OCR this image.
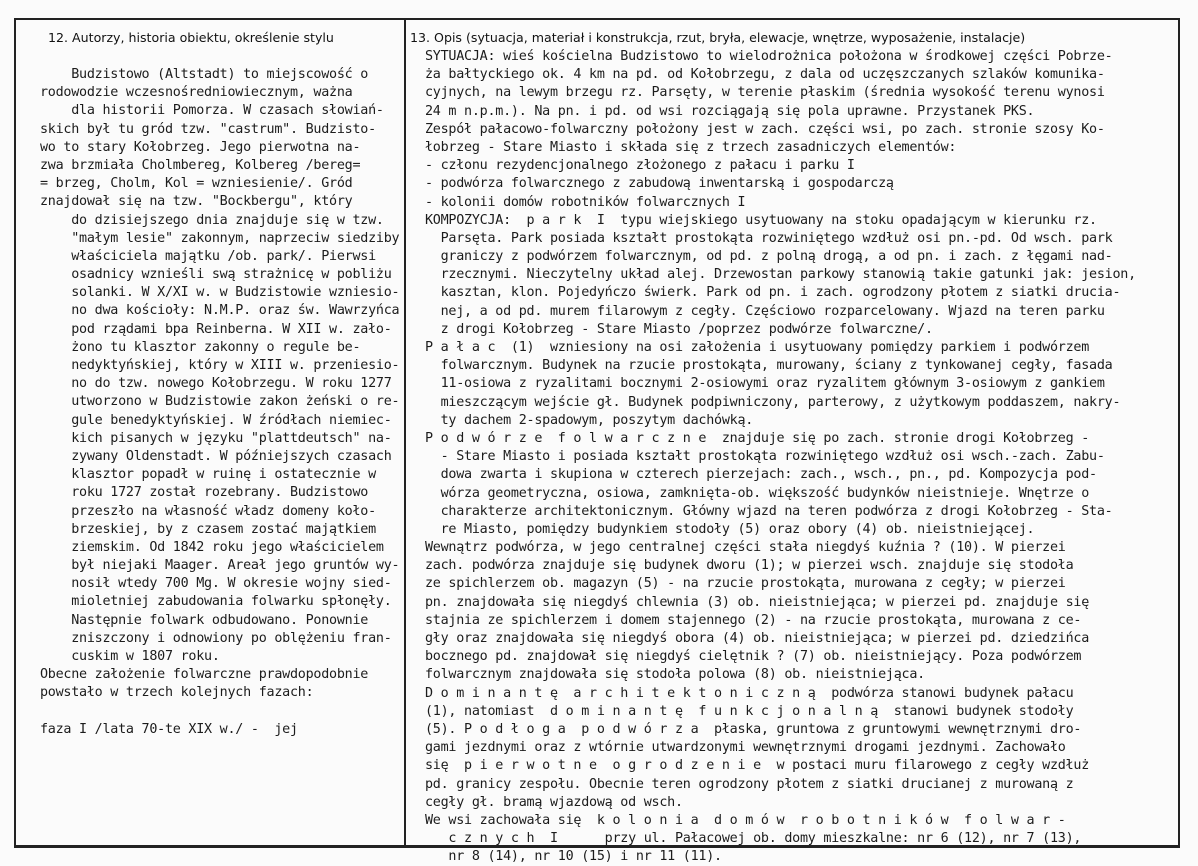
12. Autorzy, historia obiektu, określenie stylu	13. Opis (sytuacja, materiał i konstrukcja, rzut, bryła, elewacje, wnętrze, wyposażenie, instalacje)
Budzistowo (Altstadt) to miejscowość o
rodowodzie wczesnośredniowiecznym, ważna
dla historii Pomorza. W czasach słowiań-
skich był tu gród tzw. "castrum". Budzisto-
wo to stary Kołobrzeg. Jego pierwotna na-
zwa brzmiała Cholmbereg, Kolbereg /bereg=
= brzeg, Cholm, Kol = wzniesienie/. Gród
znajdował się na tzw. "Bockbergu", który
do dzisiejszego dnia znajduje się w tzw.
"małym lesie" zakonnym, naprzeciw siedziby
właściciela majątku /ob. park/. Pierwsi
osadnicy wznieśli swą strażnicę w pobliżu
solanki. W X/XI w. w Budzistowie wzniesio-
no dwa kościoły: N.M.P. oraz św. Wawrzyńca
pod rządami bpa Reinberna. W XII w. zało-
żono tu klasztor zakonny o regule be-
nedyktyńskiej, który w XIII w. przeniesio-
no do tzw. nowego Kołobrzegu. W roku 1277
utworzono w Budzistowie zakon żeński o re-
gule benedyktyńskiej. W źródłach niemiec-
kich pisanych w języku "plattdeutsch" na-
zywany Oldenstadt. W późniejszych czasach
klasztor popadł w ruinę i ostatecznie w
roku 1727 został rozebrany. Budzistowo
przeszło na własność władz domeny koło-
brzeskiej, by z czasem zostać majątkiem
ziemskim. Od 1842 roku jego właścicielem
był niejaki Maager. Areał jego gruntów wy-
nosił wtedy 700 Mg. W okresie wojny sied-
mioletniej zabudowania folwarku spłonęły.
Następnie folwark odbudowano. Ponownie
zniszczony i odnowiony po oblężeniu fran-
cuskim w 1807 roku.
Obecne założenie folwarczne prawdopodobnie
powstało w trzech kolejnych fazach:
faza I /lata 70-te XIX w./ -  jej
SYTUACJA: wieś kościelna Budzistowo to wielodrożnica położona w środkowej części Pobrze-
ża bałtyckiego ok. 4 km na pd. od Kołobrzegu, z dala od uczęszczanych szlaków komunika-
cyjnych, na lewym brzegu rz. Parsęty, w terenie płaskim (średnia wysokość terenu wynosi
24 m n.p.m.). Na pn. i pd. od wsi rozciągają się pola uprawne. Przystanek PKS.
Zespół pałacowo-folwarczny położony jest w zach. części wsi, po zach. stronie szosy Ko-
łobrzeg - Stare Miasto i składa się z trzech zasadniczych elementów:
- członu rezydencjonalnego złożonego z pałacu i parku I
- podwórza folwarcznego z zabudową inwentarską i gospodarczą
- kolonii domów robotników folwarcznych I
KOMPOZYCJA:  p a r k  I  typu wiejskiego usytuowany na stoku opadającym w kierunku rz.
Parsęta. Park posiada kształt prostokąta rozwiniętego wzdłuż osi pn.-pd. Od wsch. park
graniczy z podwórzem folwarcznym, od pd. z polną drogą, a od pn. i zach. z łęgami nad-
rzecznymi. Nieczytelny układ alej. Drzewostan parkowy stanowią takie gatunki jak: jesion,
kasztan, klon. Pojedyńczo świerk. Park od pn. i zach. ogrodzony płotem z siatki drucia-
nej, a od pd. murem filarowym z cegły. Częściowo rozparcelowany. Wjazd na teren parku
z drogi Kołobrzeg - Stare Miasto /poprzez podwórze folwarczne/.
P a ł a c  (1)  wzniesiony na osi założenia i usytuowany pomiędzy parkiem i podwórzem
folwarcznym. Budynek na rzucie prostokąta, murowany, ściany z tynkowanej cegły, fasada
11-osiowa z ryzalitami bocznymi 2-osiowymi oraz ryzalitem głównym 3-osiowym z gankiem
mieszczącym wejście gł. Budynek podpiwniczony, parterowy, z użytkowym poddaszem, nakry-
ty dachem 2-spadowym, poszytym dachówką.
P o d w ó r z e  f o l w a r c z n e  znajduje się po zach. stronie drogi Kołobrzeg -
- Stare Miasto i posiada kształt prostokąta rozwiniętego wzdłuż osi wsch.-zach. Zabu-
dowa zwarta i skupiona w czterech pierzejach: zach., wsch., pn., pd. Kompozycja pod-
wórza geometryczna, osiowa, zamknięta-ob. większość budynków nieistnieje. Wnętrze o
charakterze architektonicznym. Główny wjazd na teren podwórza z drogi Kołobrzeg - Sta-
re Miasto, pomiędzy budynkiem stodoły (5) oraz obory (4) ob. nieistniejącej.
Wewnątrz podwórza, w jego centralnej części stała niegdyś kuźnia ? (10). W pierzei
zach. podwórza znajduje się budynek dworu (1); w pierzei wsch. znajduje się stodoła
ze spichlerzem ob. magazyn (5) - na rzucie prostokąta, murowana z cegły; w pierzei
pn. znajdowała się niegdyś chlewnia (3) ob. nieistniejąca; w pierzei pd. znajduje się
stajnia ze spichlerzem i domem stajennego (2) - na rzucie prostokąta, murowana z ce-
gły oraz znajdowała się niegdyś obora (4) ob. nieistniejąca; w pierzei pd. dziedzińca
bocznego pd. znajdował się niegdyś cielętnik ? (7) ob. nieistniejący. Poza podwórzem
folwarcznym znajdowała się stodoła polowa (8) ob. nieistniejąca.
D o m i n a n t ę  a r c h i t e k t o n i c z n ą  podwórza stanowi budynek pałacu
(1), natomiast  d o m i n a n t ę  f u n k c j o n a l n ą  stanowi budynek stodoły
(5). P o d ł o g a  p o d w ó r z a  płaska, gruntowa z gruntowymi wewnętrznymi dro-
gami jezdnymi oraz z wtórnie utwardzonymi wewnętrznymi drogami jezdnymi. Zachowało
się  p i e r w o t n e  o g r o d z e n i e  w postaci muru filarowego z cegły wzdłuż
pd. granicy zespołu. Obecnie teren ogrodzony płotem z siatki drucianej z murowaną z
cegły gł. bramą wjazdową od wsch.
We wsi zachowała się  k o l o n i a  d o m ó w  r o b o t n i k ó w  f o l w a r -
c z n y c h  I      przy ul. Pałacowej ob. domy mieszkalne: nr 6 (12), nr 7 (13),
nr 8 (14), nr 10 (15) i nr 11 (11).
